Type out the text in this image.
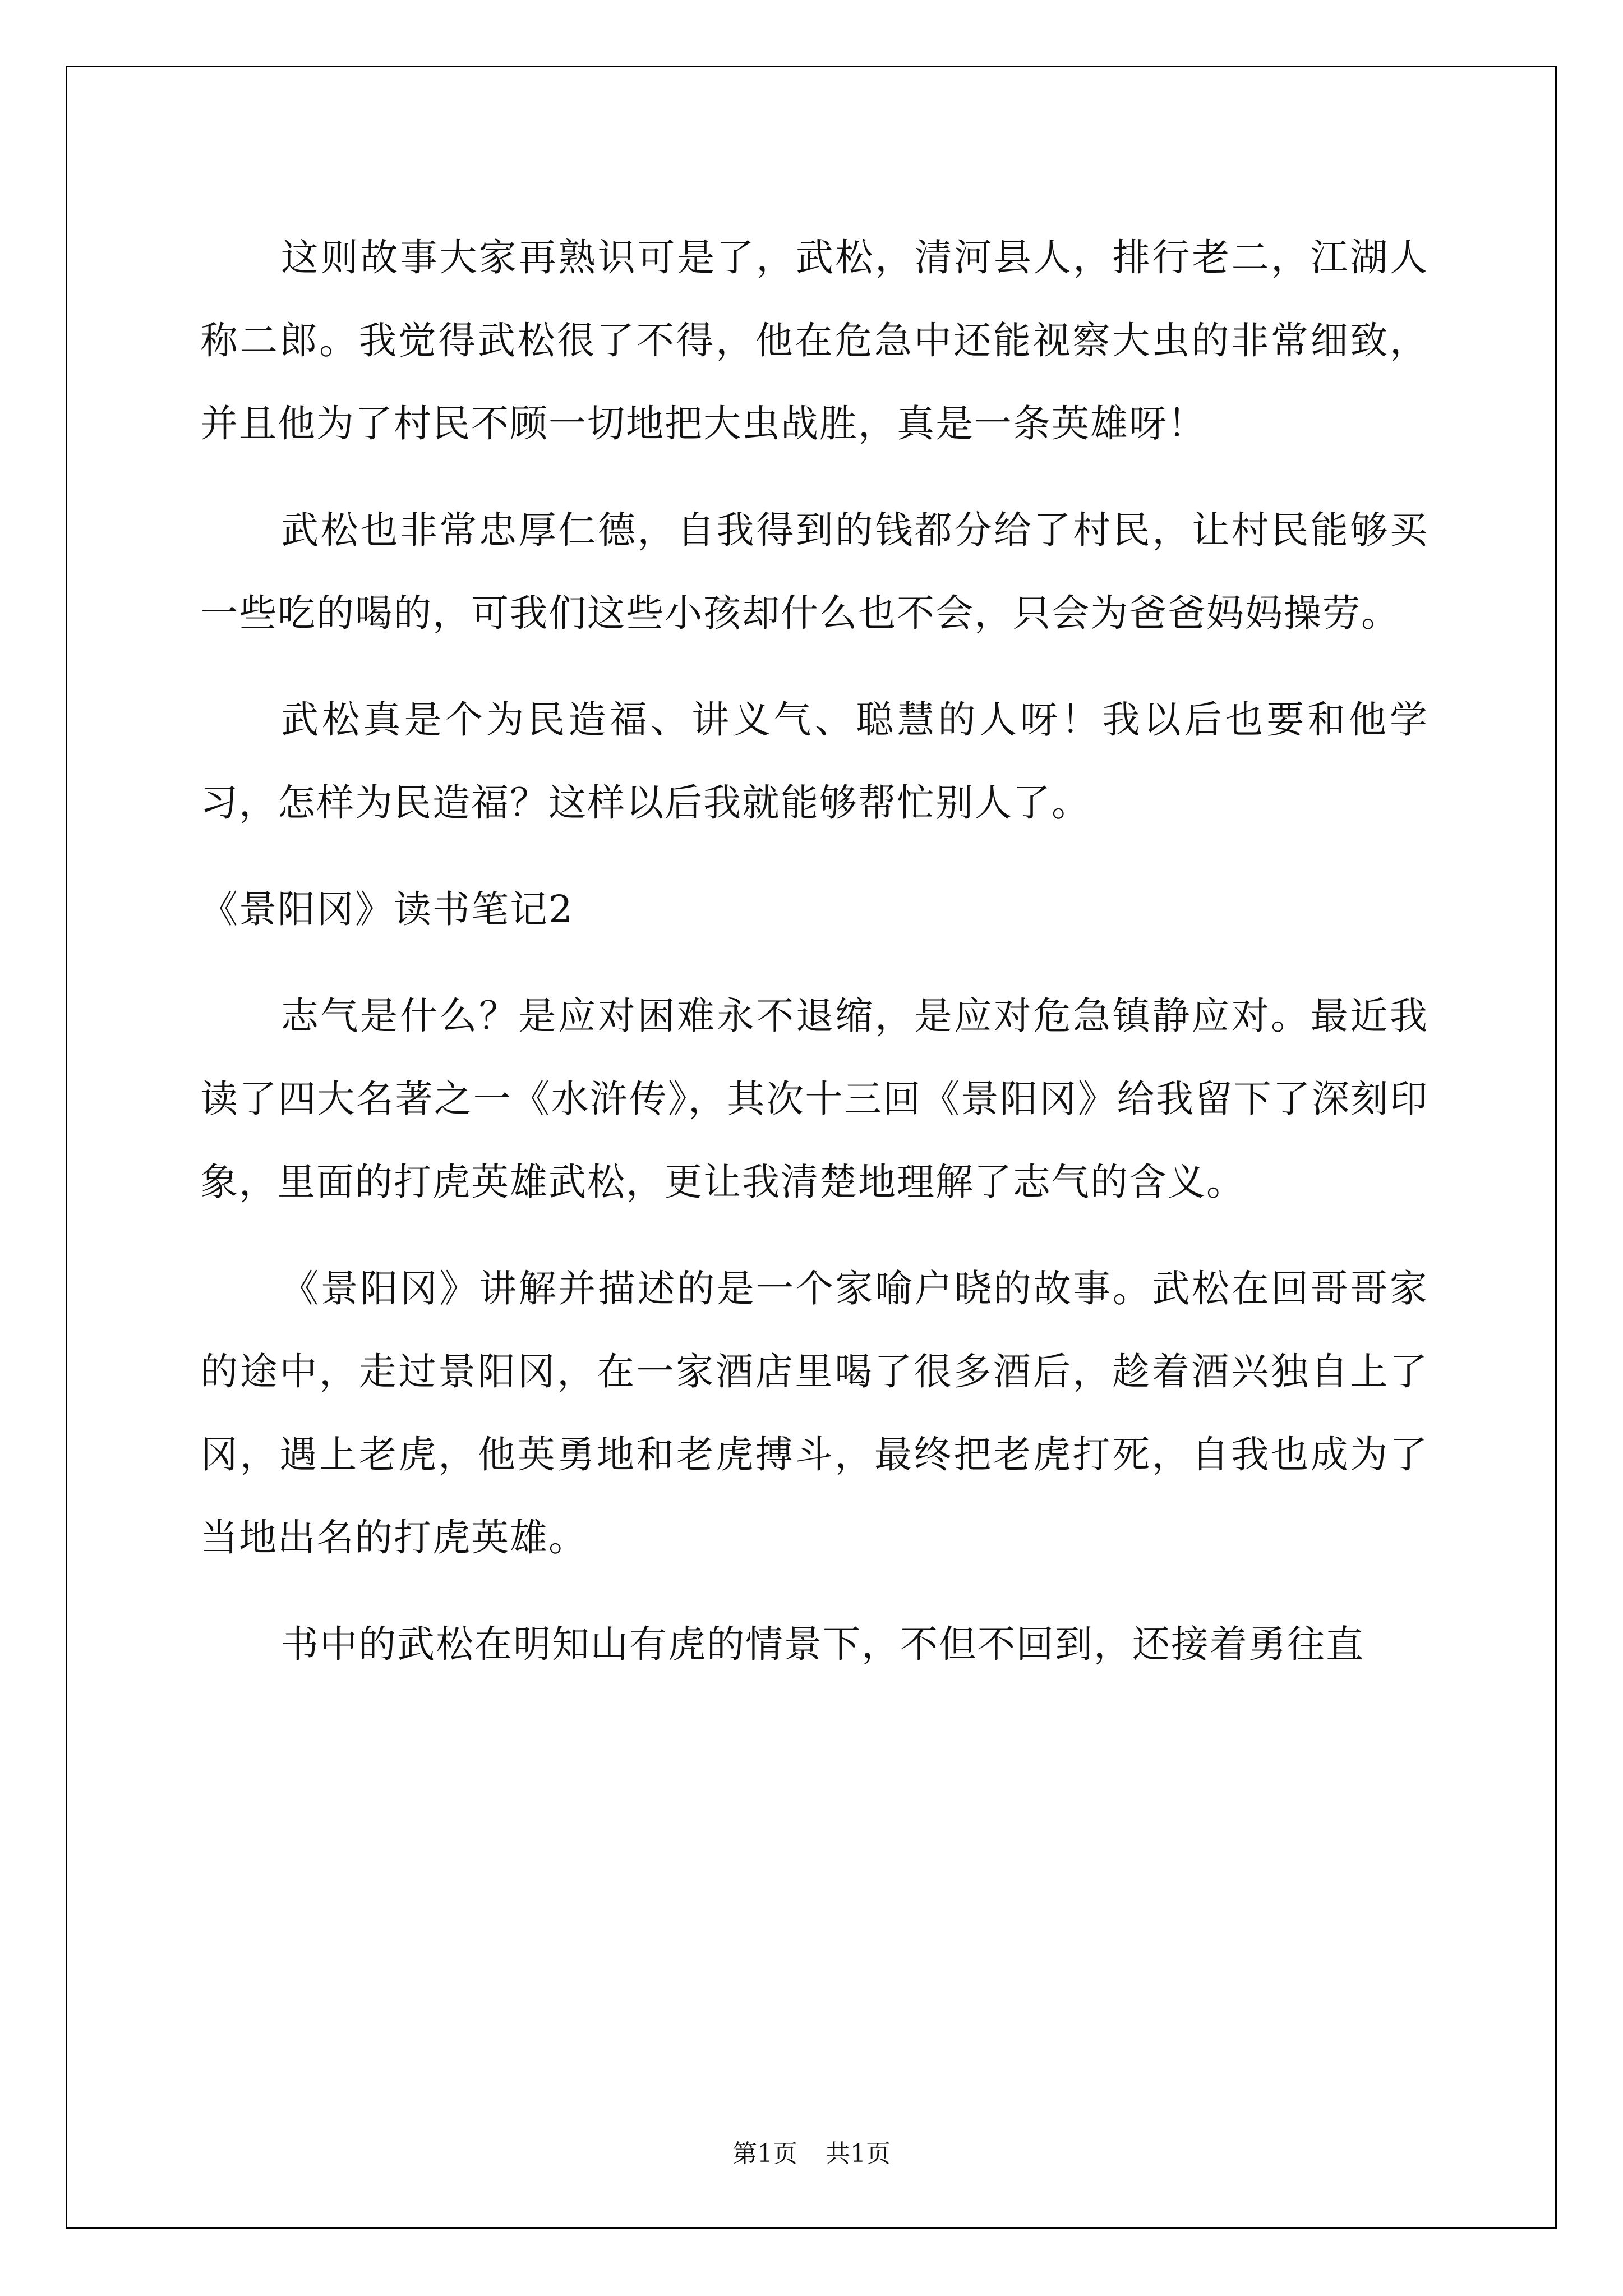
这则故事大家再熟识可是了，武松，清河县人，排行老二，江湖人称二郎。我觉得武松很了不得，他在危急中还能视察大虫的非常细致，并且他为了村民不顾一切地把大虫战胜，真是一条英雄呀！

武松也非常忠厚仁德，自我得到的钱都分给了村民，让村民能够买一些吃的喝的，可我们这些小孩却什么也不会，只会为爸爸妈妈操劳。

武松真是个为民造福、讲义气、聪慧的人呀！我以后也要和他学习，怎样为民造福？这样以后我就能够帮忙别人了。

《景阳冈》读书笔记2

志气是什么？是应对困难永不退缩，是应对危急镇静应对。最近我读了四大名著之一《水浒传》，其次十三回《景阳冈》给我留下了深刻印象，里面的打虎英雄武松，更让我清楚地理解了志气的含义。

《景阳冈》讲解并描述的是一个家喻户晓的故事。武松在回哥哥家的途中，走过景阳冈，在一家酒店里喝了很多酒后，趁着酒兴独自上了冈，遇上老虎，他英勇地和老虎搏斗，最终把老虎打死，自我也成为了当地出名的打虎英雄。

书中的武松在明知山有虎的情景下，不但不回到，还接着勇往直

第1页 共1页
